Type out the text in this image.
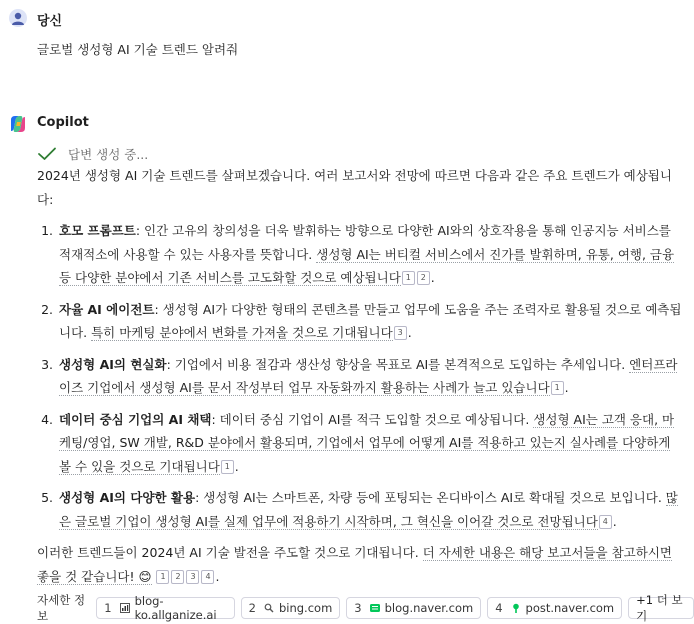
당신
글로벌 생성형 AI 기술 트렌드 알려줘
Copilot
답변 생성 중...

2024년 생성형 AI 기술 트렌드를 살펴보겠습니다. 여러 보고서와 전망에 따르면 다음과 같은 주요 트렌드가 예상됩니다:

1. 호모 프롬프트: 인간 고유의 창의성을 더욱 발휘하는 방향으로 다양한 AI와의 상호작용을 통해 인공지능 서비스를 적재적소에 사용할 수 있는 사용자를 뜻합니다. 생성형 AI는 버티컬 서비스에서 진가를 발휘하며, 유통, 여행, 금융 등 다양한 분야에서 기존 서비스를 고도화할 것으로 예상됩니다 1 2 .
2. 자율 AI 에이전트: 생성형 AI가 다양한 형태의 콘텐츠를 만들고 업무에 도움을 주는 조력자로 활용될 것으로 예측됩니다. 특히 마케팅 분야에서 변화를 가져올 것으로 기대됩니다 3 .
3. 생성형 AI의 현실화: 기업에서 비용 절감과 생산성 향상을 목표로 AI를 본격적으로 도입하는 추세입니다. 엔터프라이즈 기업에서 생성형 AI를 문서 작성부터 업무 자동화까지 활용하는 사례가 늘고 있습니다 1 .
4. 데이터 중심 기업의 AI 채택: 데이터 중심 기업이 AI를 적극 도입할 것으로 예상됩니다. 생성형 AI는 고객 응대, 마케팅/영업, SW 개발, R&D 분야에서 활용되며, 기업에서 업무에 어떻게 AI를 적용하고 있는지 실사례를 다양하게 볼 수 있을 것으로 기대됩니다 1 .
5. 생성형 AI의 다양한 활용: 생성형 AI는 스마트폰, 차량 등에 포팅되는 온디바이스 AI로 확대될 것으로 보입니다. 많은 글로벌 기업이 생성형 AI를 실제 업무에 적용하기 시작하며, 그 혁신을 이어갈 것으로 전망됩니다 4 .

이러한 트렌드들이 2024년 AI 기술 발전을 주도할 것으로 기대됩니다. 더 자세한 내용은 해당 보고서들을 참고하시면 좋을 것 같습니다! 😊 1 2 3 4 .

자세한 정보
1 blog-ko.allganize.ai	2 bing.com 3 blog.naver.com 4 post.naver.com
+1 더 보기
